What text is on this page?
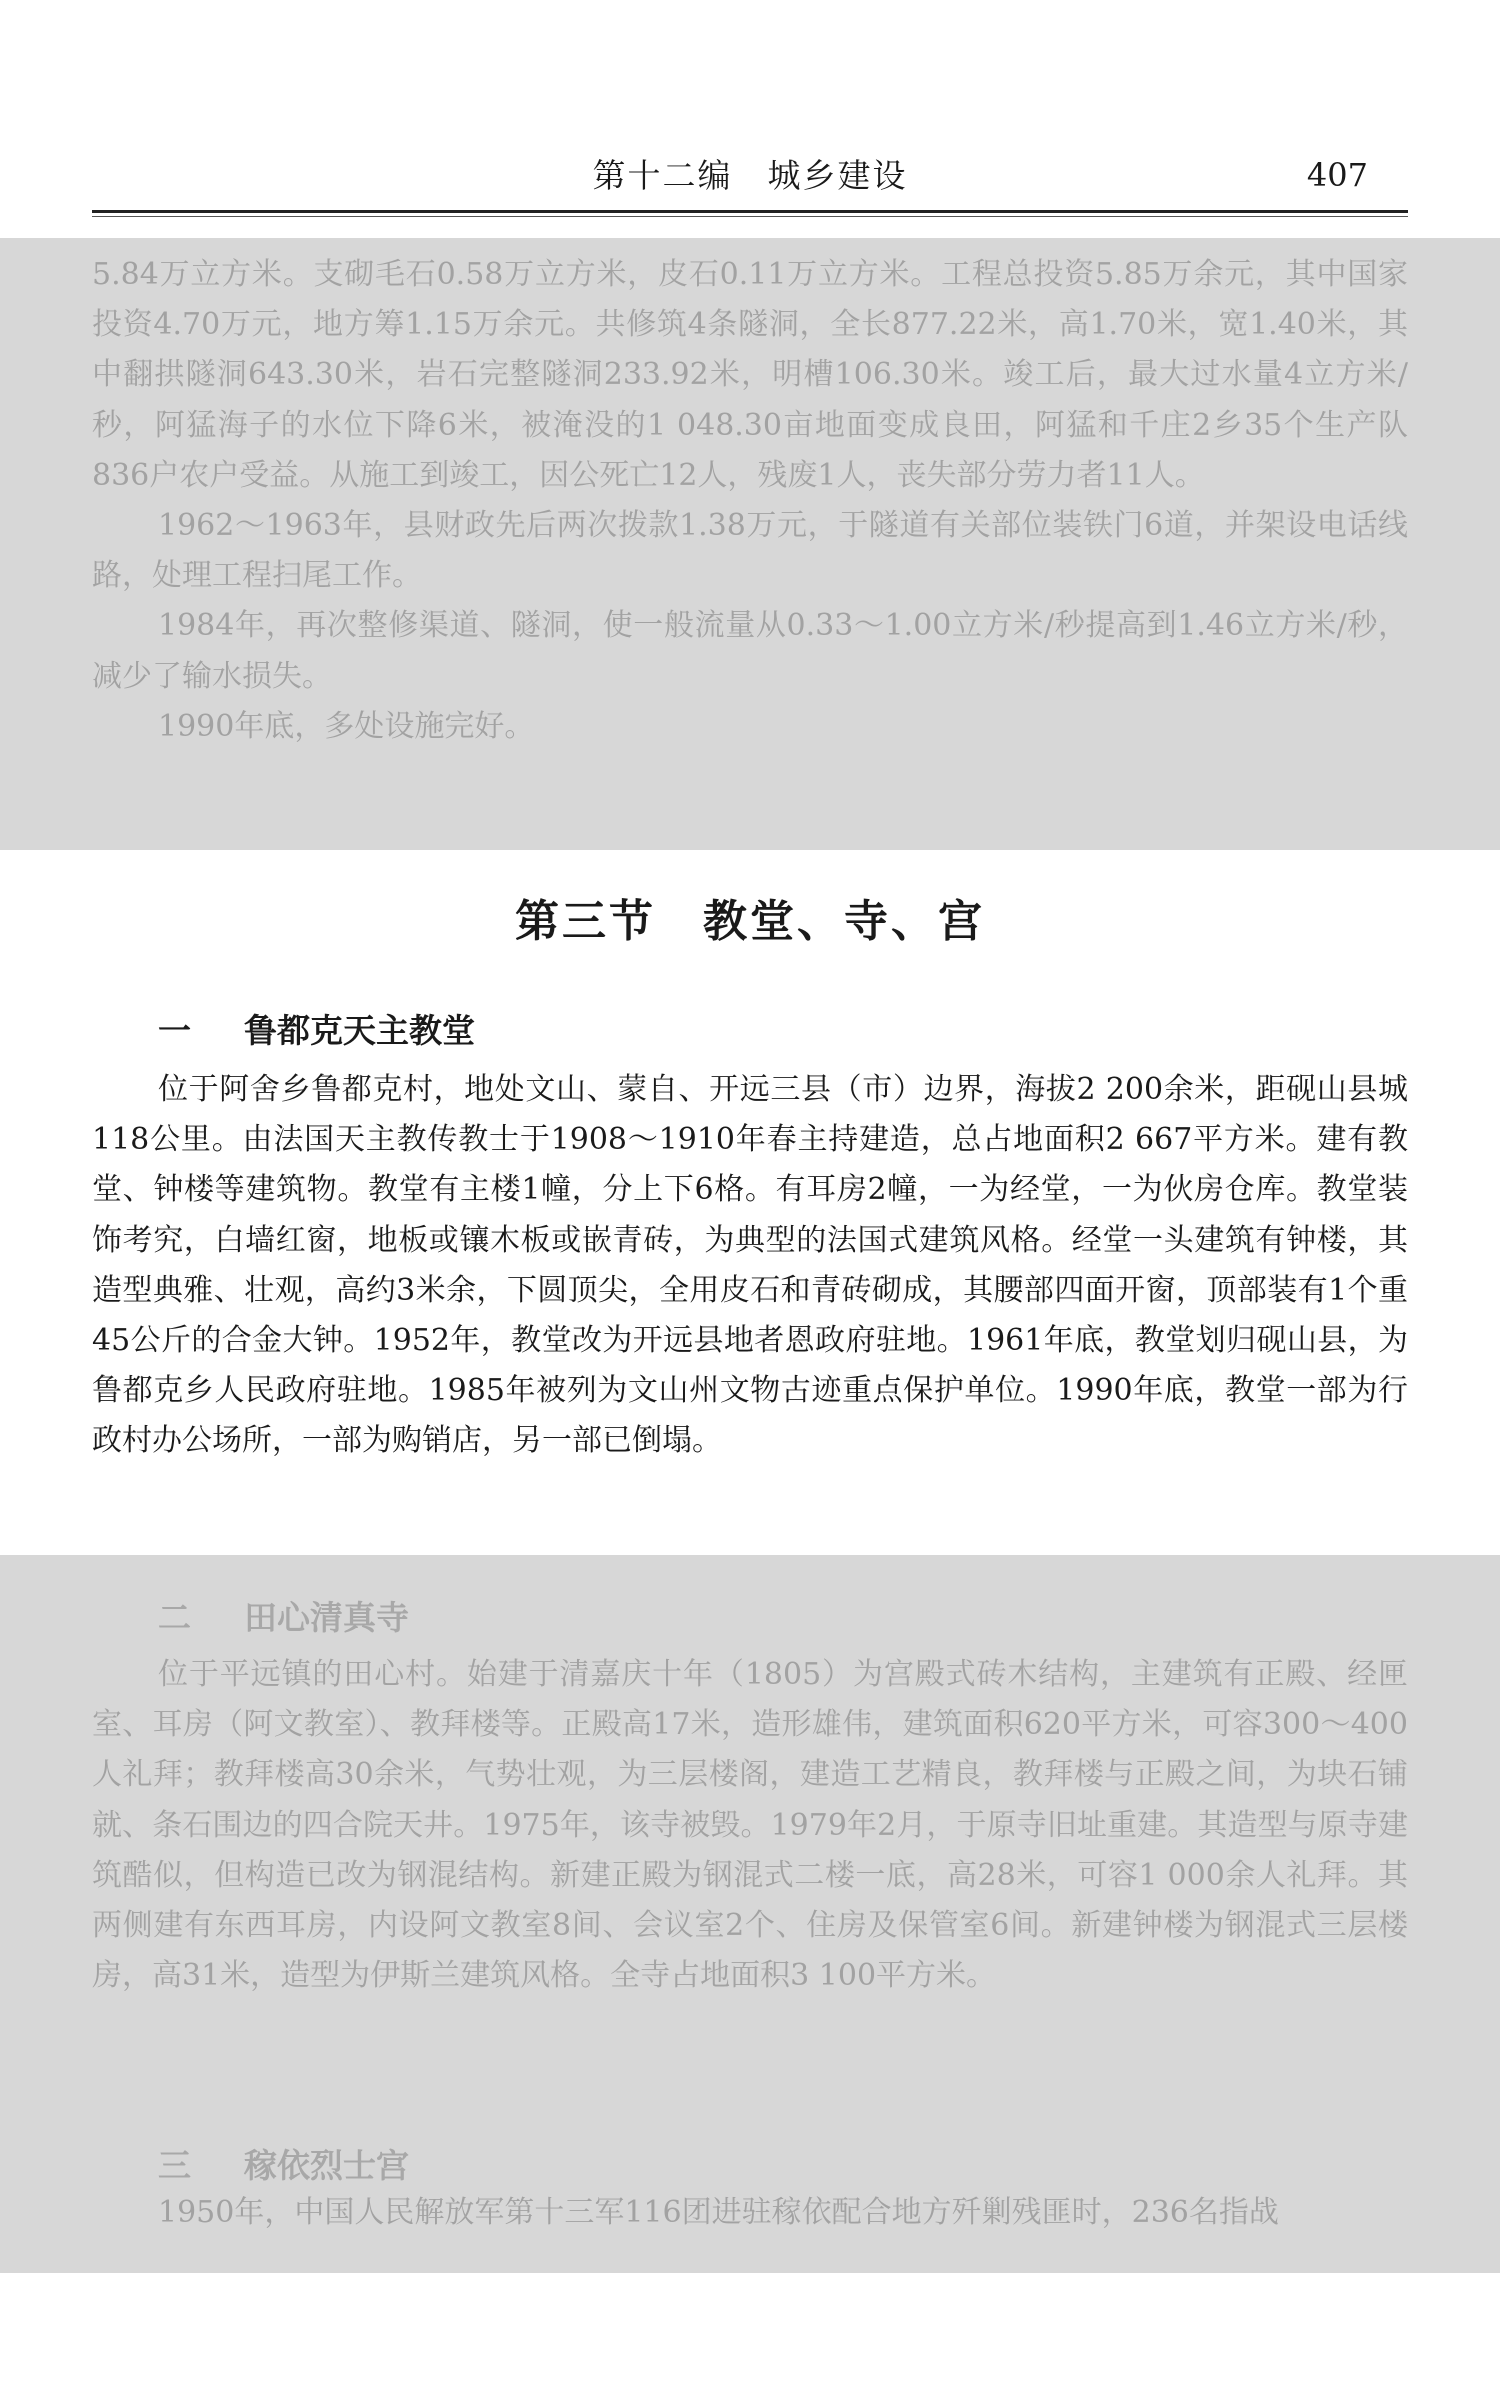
第十二编　城乡建设	407

5.84万立方米。支砌毛石0.58万立方米，皮石0.11万立方米。工程总投资5.85万余元，其中国家投资4.70万元，地方筹1.15万余元。共修筑4条隧洞，全长877.22米，高1.70米，宽1.40米，其中翻拱隧洞643.30米，岩石完整隧洞233.92米，明槽106.30米。竣工后，最大过水量4立方米/秒，阿猛海子的水位下降6米，被淹没的1 048.30亩地面变成良田，阿猛和千庄2乡35个生产队836户农户受益。从施工到竣工，因公死亡12人，残废1人，丧失部分劳力者11人。

1962～1963年，县财政先后两次拨款1.38万元，于隧道有关部位装铁门6道，并架设电话线路，处理工程扫尾工作。

1984年，再次整修渠道、隧洞，使一般流量从0.33～1.00立方米/秒提高到1.46立方米/秒，减少了输水损失。

1990年底，多处设施完好。

第三节　教堂、寺、宫
一 鲁都克天主教堂

位于阿舍乡鲁都克村，地处文山、蒙自、开远三县（市）边界，海拔2 200余米，距砚山县城118公里。由法国天主教传教士于1908～1910年春主持建造，总占地面积2 667平方米。建有教堂、钟楼等建筑物。教堂有主楼1幢，分上下6格。有耳房2幢，一为经堂，一为伙房仓库。教堂装饰考究，白墙红窗，地板或镶木板或嵌青砖，为典型的法国式建筑风格。经堂一头建筑有钟楼，其造型典雅、壮观，高约3米余，下圆顶尖，全用皮石和青砖砌成，其腰部四面开窗，顶部装有1个重45公斤的合金大钟。1952年，教堂改为开远县地者恩政府驻地。1961年底，教堂划归砚山县，为鲁都克乡人民政府驻地。1985年被列为文山州文物古迹重点保护单位。1990年底，教堂一部为行政村办公场所，一部为购销店，另一部已倒塌。

二 田心清真寺

位于平远镇的田心村。始建于清嘉庆十年（1805）为宫殿式砖木结构，主建筑有正殿、经匣室、耳房（阿文教室）、教拜楼等。正殿高17米，造形雄伟，建筑面积620平方米，可容300～400人礼拜；教拜楼高30余米，气势壮观，为三层楼阁，建造工艺精良，教拜楼与正殿之间，为块石铺就、条石围边的四合院天井。1975年，该寺被毁。1979年2月，于原寺旧址重建。其造型与原寺建筑酷似，但构造已改为钢混结构。新建正殿为钢混式二楼一底，高28米，可容1 000余人礼拜。其两侧建有东西耳房，内设阿文教室8间、会议室2个、住房及保管室6间。新建钟楼为钢混式三层楼房，高31米，造型为伊斯兰建筑风格。全寺占地面积3 100平方米。

三 稼依烈士宫

1950年，中国人民解放军第十三军116团进驻稼依配合地方歼剿残匪时，236名指战
